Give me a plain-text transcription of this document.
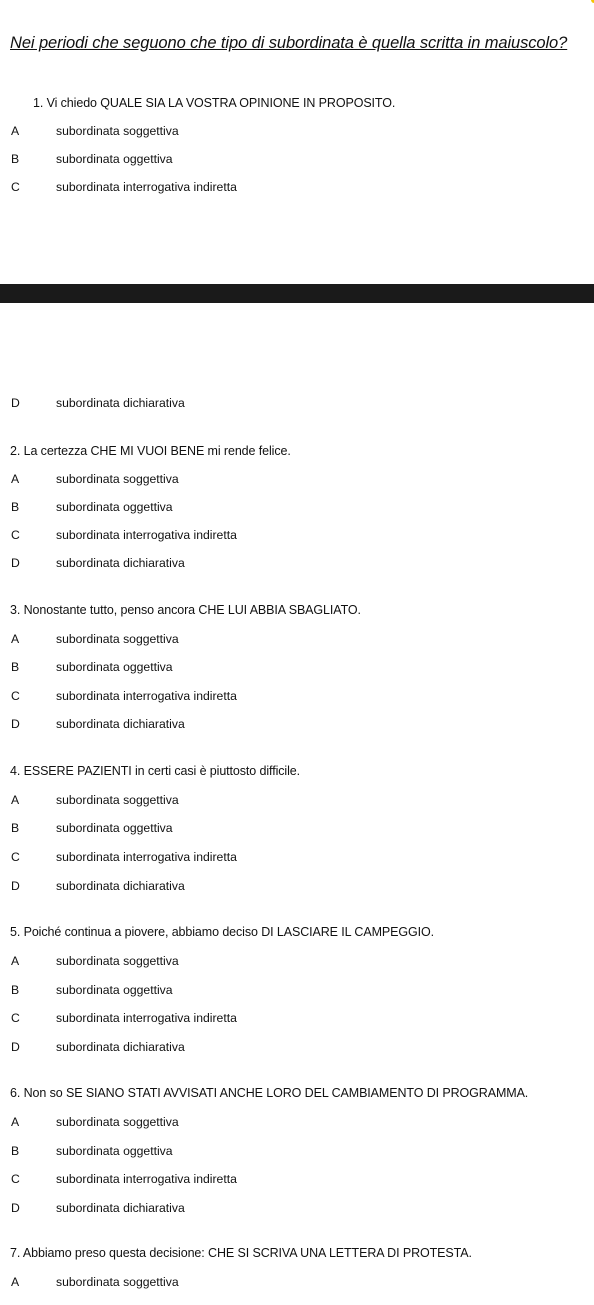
Nei periodi che seguono che tipo di subordinata è quella scritta in maiuscolo?
1. Vi chiedo QUALE SIA LA VOSTRA OPINIONE IN PROPOSITO.
A	subordinata soggettiva
B	subordinata oggettiva
C	subordinata interrogativa indiretta
D	subordinata dichiarativa
2. La certezza CHE MI VUOI BENE mi rende felice.
A	subordinata soggettiva
B	subordinata oggettiva
C	subordinata interrogativa indiretta
D	subordinata dichiarativa
3. Nonostante tutto, penso ancora CHE LUI ABBIA SBAGLIATO.
A	subordinata soggettiva
B	subordinata oggettiva
C	subordinata interrogativa indiretta
D	subordinata dichiarativa
4. ESSERE PAZIENTI in certi casi è piuttosto difficile.
A	subordinata soggettiva
B	subordinata oggettiva
C	subordinata interrogativa indiretta
D	subordinata dichiarativa
5. Poiché continua a piovere, abbiamo deciso DI LASCIARE IL CAMPEGGIO.
A	subordinata soggettiva
B	subordinata oggettiva
C	subordinata interrogativa indiretta
D	subordinata dichiarativa
6. Non so SE SIANO STATI AVVISATI ANCHE LORO DEL CAMBIAMENTO DI PROGRAMMA.
A	subordinata soggettiva
B	subordinata oggettiva
C	subordinata interrogativa indiretta
D	subordinata dichiarativa
7. Abbiamo preso questa decisione: CHE SI SCRIVA UNA LETTERA DI PROTESTA.
A	subordinata soggettiva
